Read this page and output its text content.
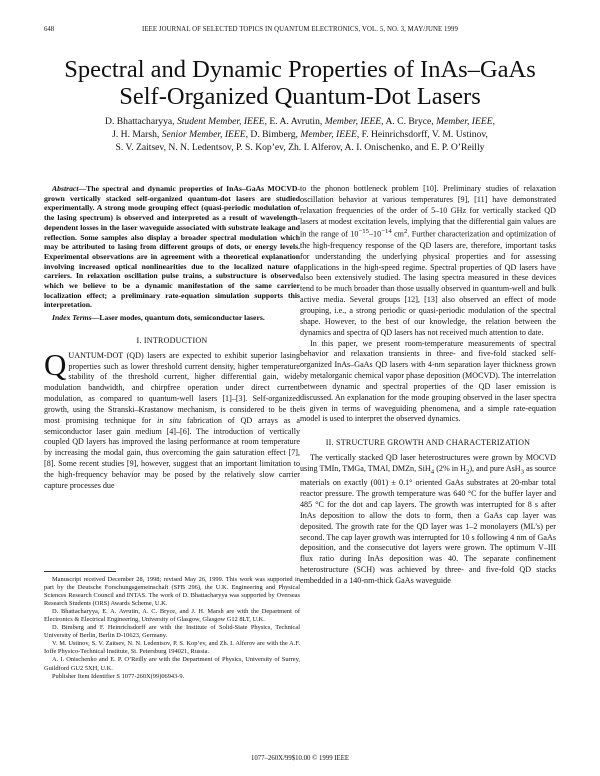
648	IEEE JOURNAL OF SELECTED TOPICS IN QUANTUM ELECTRONICS, VOL. 5, NO. 3, MAY/JUNE 1999
Spectral and Dynamic Properties of InAs–GaAs
Self-Organized Quantum-Dot Lasers
D. Bhattacharyya, Student Member, IEEE, E. A. Avrutin, Member, IEEE, A. C. Bryce, Member, IEEE,
J. H. Marsh, Senior Member, IEEE, D. Bimberg, Member, IEEE, F. Heinrichsdorff, V. M. Ustinov,
S. V. Zaitsev, N. N. Ledentsov, P. S. Kop’ev, Zh. I. Alferov, A. I. Onischenko, and E. P. O’Reilly

Abstract—The spectral and dynamic properties of InAs–GaAs MOCVD-grown vertically stacked self-organized quantum-dot lasers are studied experimentally. A strong mode grouping effect (quasi-periodic modulation of the lasing spectrum) is observed and interpreted as a result of wavelength-dependent losses in the laser waveguide associated with substrate leakage and reflection. Some samples also display a broader spectral modulation which may be attributed to lasing from different groups of dots, or energy levels. Experimental observations are in agreement with a theoretical explanation involving increased optical nonlinearities due to the localized nature of carriers. In relaxation oscillation pulse trains, a substructure is observed which we believe to be a dynamic manifestation of the same carrier localization effect; a preliminary rate-equation simulation supports this interpretation.

Index Terms—Laser modes, quantum dots, semiconductor lasers.

I. INTRODUCTION

QUANTUM-DOT (QD) lasers are expected to exhibit superior lasing properties such as lower threshold current density, higher temperature stability of the threshold current, higher differential gain, wide modulation bandwidth, and chirpfree operation under direct current modulation, as compared to quantum-well lasers [1]–[3]. Self-organized growth, using the Stranski–Krastanow mechanism, is considered to be the most promising technique for in situ fabrication of QD arrays as a semiconductor laser gain medium [4]–[6]. The introduction of vertically coupled QD layers has improved the lasing performance at room temperature by increasing the modal gain, thus overcoming the gain saturation effect [7], [8]. Some recent studies [9], however, suggest that an important limitation to the high-frequency behavior may be posed by the relatively slow carrier capture processes due

Manuscript received December 28, 1998; revised May 26, 1999. This work was supported in part by the Deutsche Forschungsgemeinschaft (SFB 296), the U.K. Engineering and Physical Sciences Research Council and INTAS. The work of D. Bhattacharyya was supported by Overseas Research Students (ORS) Awards Scheme, U.K.

D. Bhattacharyya, E. A. Avrutin, A. C. Bryce, and J. H. Marsh are with the Department of Electronics & Electrical Engineering, University of Glasgow, Glasgow G12 8LT, U.K.

D. Bimberg and F. Heinrichsdorff are with the Institute of Solid-State Physics, Technical University of Berlin, Berlin D-10623, Germany.

V. M. Ustinov, S. V. Zaitsev, N. N. Ledentsov, P. S. Kop’ev, and Zh. I. Alferov are with the A.F. Ioffe Physico-Technical Institute, St. Petersburg 194021, Russia.

A. I. Onischenko and E. P. O’Reilly are with the Department of Physics, University of Surrey, Guildford GU2 5XH, U.K.

Publisher Item Identifier S 1077-260X(99)06943-9.

to the phonon bottleneck problem [10]. Preliminary studies of relaxation oscillation behavior at various temperatures [9], [11] have demonstrated relaxation frequencies of the order of 5–10 GHz for vertically stacked QD lasers at modest excitation levels, implying that the differential gain values are in the range of $10^{-15}-10^{-14}$ $cm^2$. Further characterization and optimization of the high-frequency response of the QD lasers are, therefore, important tasks for understanding the underlying physical properties and for assessing applications in the high-speed regime. Spectral properties of QD lasers have also been extensively studied. The lasing spectra measured in these devices tend to be much broader than those usually observed in quantum-well and bulk active media. Several groups [12], [13] also observed an effect of mode grouping, i.e., a strong periodic or quasi-periodic modulation of the spectral shape. However, to the best of our knowledge, the relation between the dynamics and spectra of QD lasers has not received much attention to date.

In this paper, we present room-temperature measurements of spectral behavior and relaxation transients in three- and five-fold stacked self-organized InAs–GaAs QD lasers with 4-nm separation layer thickness grown by metalorganic chemical vapor phase deposition (MOCVD). The interrelation between dynamic and spectral properties of the QD laser emission is discussed. An explanation for the mode grouping observed in the laser spectra is given in terms of waveguiding phenomena, and a simple rate-equation model is used to interpret the observed dynamics.

II. STRUCTURE GROWTH AND CHARACTERIZATION

The vertically stacked QD laser heterostructures were grown by MOCVD using TMIn, TMGa, TMAl, DMZn, SiH$_4$ (2% in $H_2$), and pure AsH$_3$ as source materials on exactly (001) ± 0.1° oriented GaAs substrates at 20-mbar total reactor pressure. The growth temperature was 640 °C for the buffer layer and 485 °C for the dot and cap layers. The growth was interrupted for 8 s after InAs deposition to allow the dots to form, then a GaAs cap layer was deposited. The growth rate for the QD layer was 1–2 monolayers (ML’s) per second. The cap layer growth was interrupted for 10 s following 4 nm of GaAs deposition, and the consecutive dot layers were grown. The optimum V–III flux ratio during InAs deposition was 40. The separate confinement heterostructure (SCH) was achieved by three- and five-fold QD stacks embedded in a 140-nm-thick GaAs waveguide

1077–260X/99$10.00 © 1999 IEEE
